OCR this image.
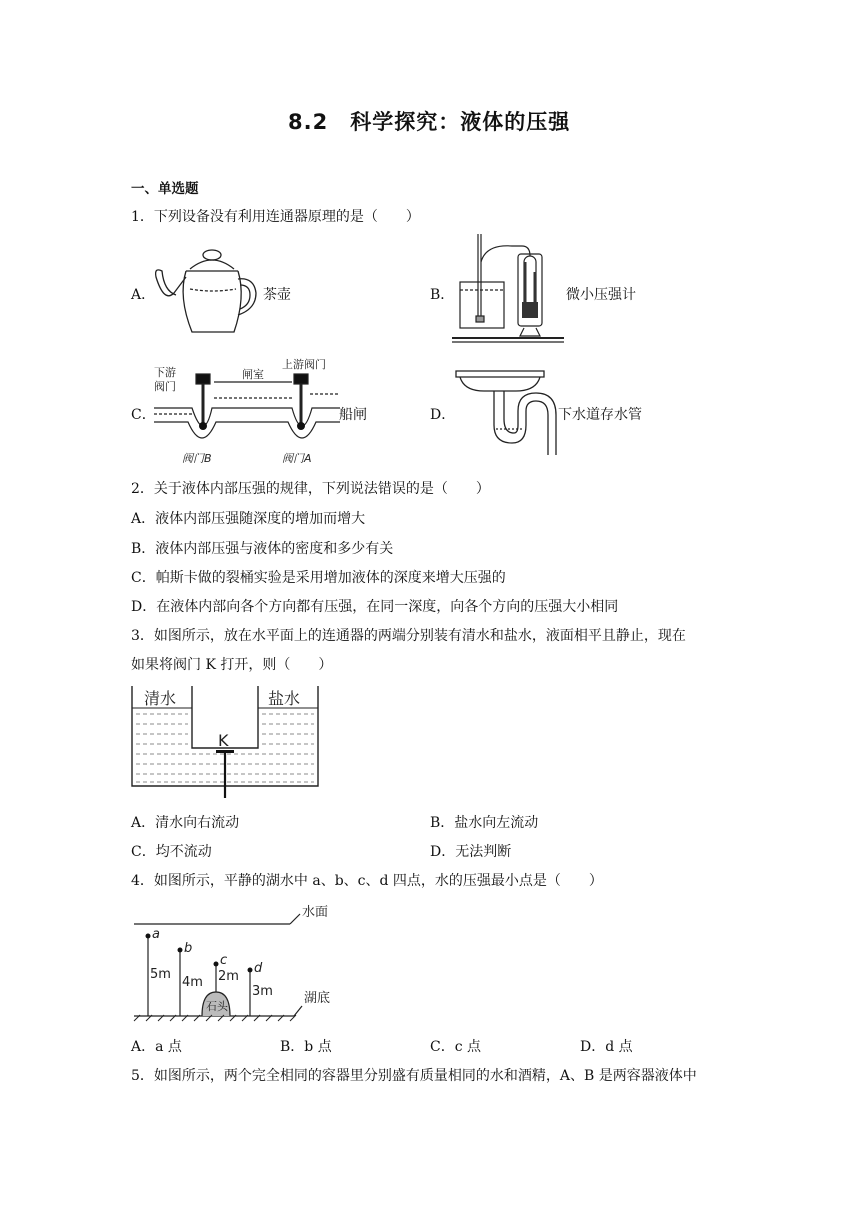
8.2　科学探究：液体的压强
一、单选题
1．下列设备没有利用连通器原理的是（　　）
A．	茶壶	B．	微小压强计
C．
下游
阀门
闸室
上游阀门
阀门B	阀门A
船闸	D．	下水道存水管
2．关于液体内部压强的规律，下列说法错误的是（　　）
A．液体内部压强随深度的增加而增大
B．液体内部压强与液体的密度和多少有关
C．帕斯卡做的裂桶实验是采用增加液体的深度来增大压强的
D．在液体内部向各个方向都有压强，在同一深度，向各个方向的压强大小相同
3．如图所示，放在水平面上的连通器的两端分别装有清水和盐水，液面相平且静止，现在
如果将阀门 K 打开，则（　　）
清水	盐水
K
A．清水向右流动	B．盐水向左流动
C．均不流动	D．无法判断
4．如图所示，平静的湖水中 a、b、c、d 四点，水的压强最小点是（　　）
水面
湖底
石头
a
b
c
d
5m
4m 2m
3m
A．a 点	B．b 点	C．c 点	D．d 点
5．如图所示，两个完全相同的容器里分别盛有质量相同的水和酒精，A、B 是两容器液体中
